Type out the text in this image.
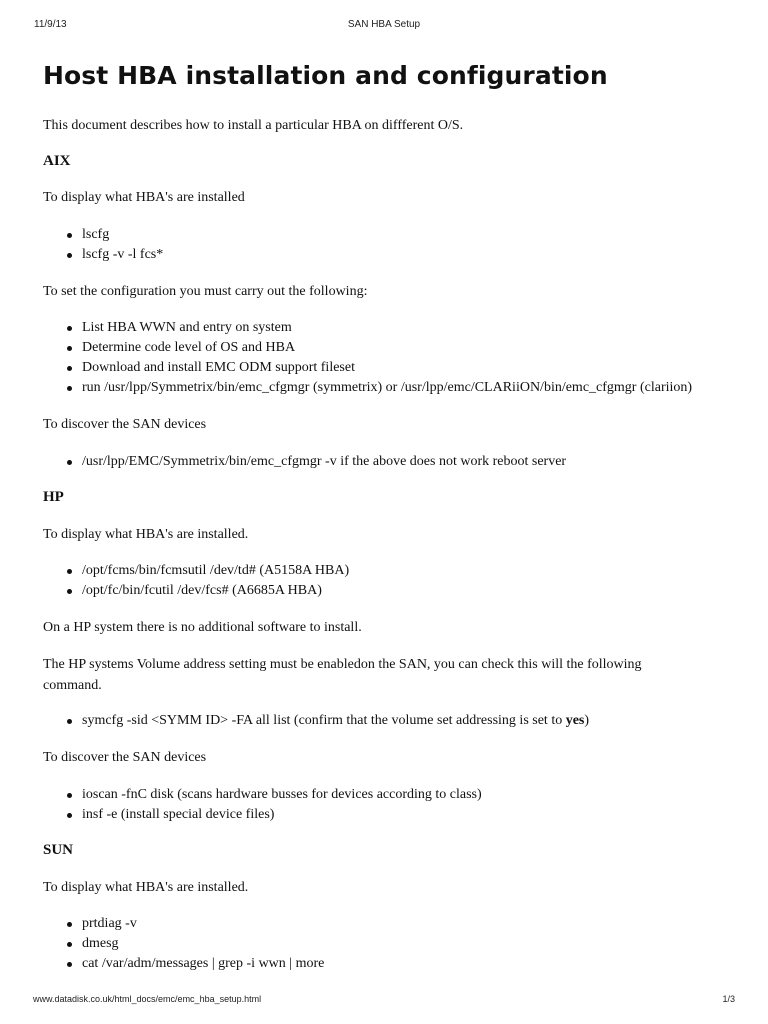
11/9/13	SAN HBA Setup
Host HBA installation and configuration

This document describes how to install a particular HBA on diffferent O/S.

AIX

To display what HBA's are installed

lscfg
lscfg -v -l fcs*

To set the configuration you must carry out the following:

List HBA WWN and entry on system
Determine code level of OS and HBA
Download and install EMC ODM support fileset
run /usr/lpp/Symmetrix/bin/emc_cfgmgr (symmetrix) or /usr/lpp/emc/CLARiiON/bin/emc_cfgmgr (clariion)

To discover the SAN devices

/usr/lpp/EMC/Symmetrix/bin/emc_cfgmgr -v if the above does not work reboot server

HP

To display what HBA's are installed.

/opt/fcms/bin/fcmsutil /dev/td# (A5158A HBA)
/opt/fc/bin/fcutil /dev/fcs# (A6685A HBA)

On a HP system there is no additional software to install.

The HP systems Volume address setting must be enabledon the SAN, you can check this will the following command.

symcfg -sid <SYMM ID> -FA all list (confirm that the volume set addressing is set to yes)

To discover the SAN devices

ioscan -fnC disk (scans hardware busses for devices according to class)
insf -e (install special device files)

SUN

To display what HBA's are installed.

prtdiag -v
dmesg
cat /var/adm/messages | grep -i wwn | more
www.datadisk.co.uk/html_docs/emc/emc_hba_setup.html	1/3
